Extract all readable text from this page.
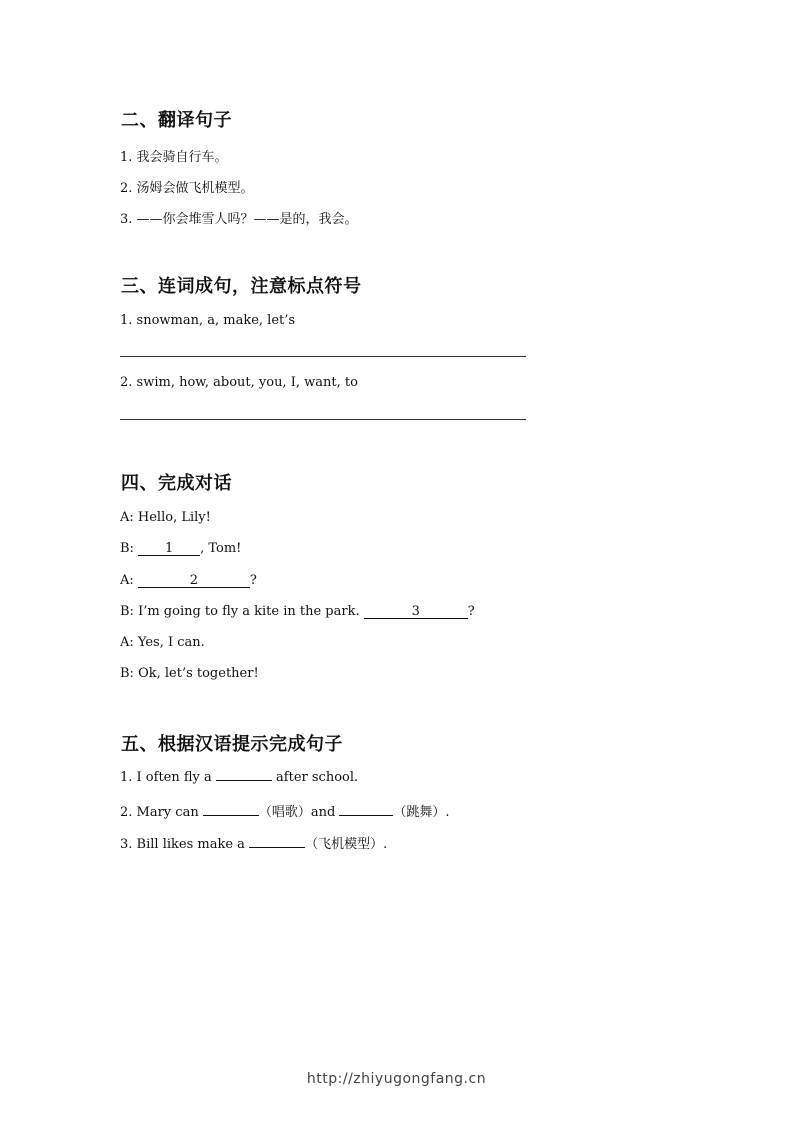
二、翻译句子
1. 我会骑自行车。
2. 汤姆会做飞机模型。
3. ——你会堆雪人吗？——是的，我会。
三、连词成句，注意标点符号
1. snowman, a, make, let’s
2. swim, how, about, you, I, want, to
四、完成对话
A: Hello, Lily!
B: 1 , Tom!
A:	2	?
B: I’m going to fly a kite in the park.	3	?
A: Yes, I can.
B: Ok, let’s together!
五、根据汉语提示完成句子
1. I often fly a	after school.
2. Mary can	（唱歌）and	（跳舞）.
3. Bill likes make a	（飞机模型）.
http://zhiyugongfang.cn
